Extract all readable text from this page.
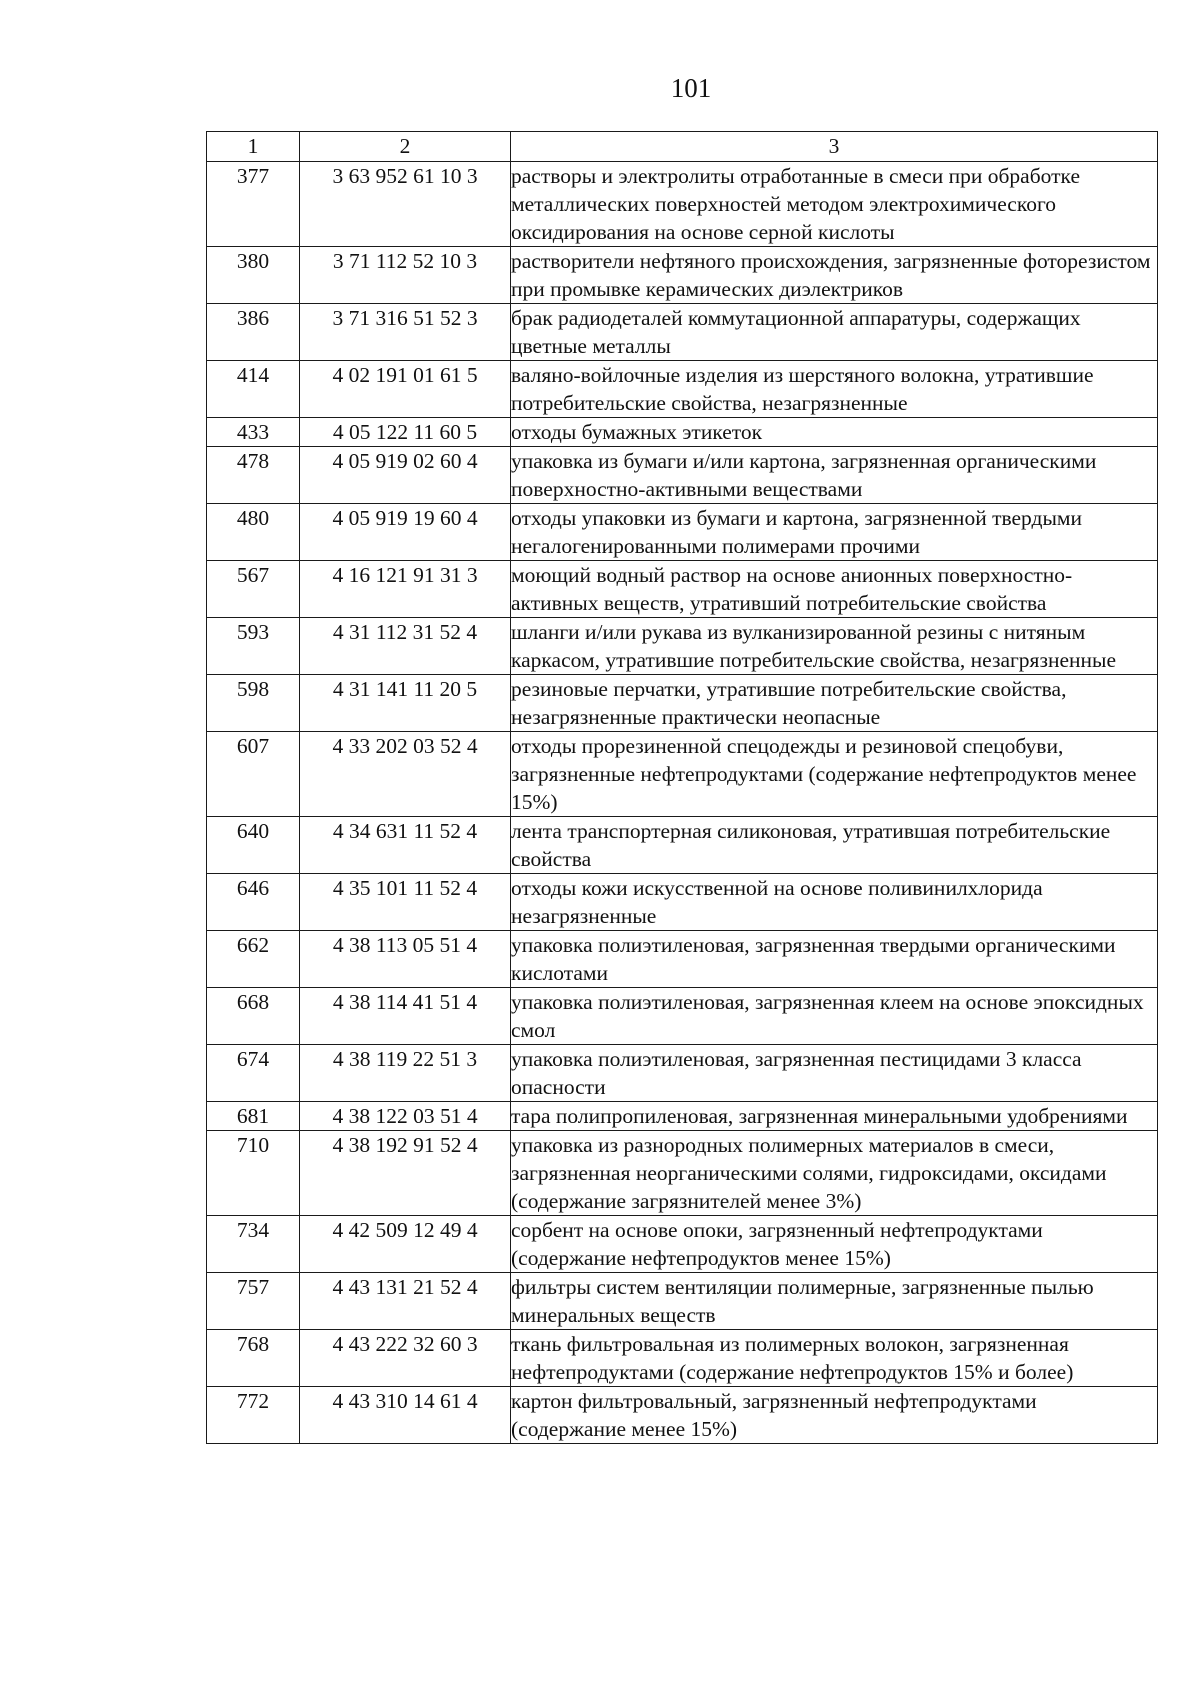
101
1	2	3
377	3 63 952 61 10 3	растворы и электролиты отработанные в смеси при обработке металлических поверхностей методом электрохимического оксидирования на основе серной кислоты
380	3 71 112 52 10 3	растворители нефтяного происхождения, загрязненные фоторезистом при промывке керамических диэлектриков
386	3 71 316 51 52 3	брак радиодеталей коммутационной аппаратуры, содержащих цветные металлы
414	4 02 191 01 61 5	валяно-войлочные изделия из шерстяного волокна, утратившие потребительские свойства, незагрязненные
433	4 05 122 11 60 5	отходы бумажных этикеток
478	4 05 919 02 60 4	упаковка из бумаги и/или картона, загрязненная органическими поверхностно-активными веществами
480	4 05 919 19 60 4	отходы упаковки из бумаги и картона, загрязненной твердыми негалогенированными полимерами прочими
567	4 16 121 91 31 3	моющий водный раствор на основе анионных поверхностно-активных веществ, утративший потребительские свойства
593	4 31 112 31 52 4	шланги и/или рукава из вулканизированной резины с нитяным каркасом, утратившие потребительские свойства, незагрязненные
598	4 31 141 11 20 5	резиновые перчатки, утратившие потребительские свойства, незагрязненные практически неопасные
607	4 33 202 03 52 4	отходы прорезиненной спецодежды и резиновой спецобуви, загрязненные нефтепродуктами (содержание нефтепродуктов менее 15%)
640	4 34 631 11 52 4	лента транспортерная силиконовая, утратившая потребительские свойства
646	4 35 101 11 52 4	отходы кожи искусственной на основе поливинилхлорида незагрязненные
662	4 38 113 05 51 4	упаковка полиэтиленовая, загрязненная твердыми органическими кислотами
668	4 38 114 41 51 4	упаковка полиэтиленовая, загрязненная клеем на основе эпоксидных смол
674	4 38 119 22 51 3	упаковка полиэтиленовая, загрязненная пестицидами 3 класса опасности
681	4 38 122 03 51 4	тара полипропиленовая, загрязненная минеральными удобрениями
710	4 38 192 91 52 4	упаковка из разнородных полимерных материалов в смеси, загрязненная неорганическими солями, гидроксидами, оксидами (содержание загрязнителей менее 3%)
734	4 42 509 12 49 4	сорбент на основе опоки, загрязненный нефтепродуктами (содержание нефтепродуктов менее 15%)
757	4 43 131 21 52 4	фильтры систем вентиляции полимерные, загрязненные пылью минеральных веществ
768	4 43 222 32 60 3	ткань фильтровальная из полимерных волокон, загрязненная нефтепродуктами (содержание нефтепродуктов 15% и более)
772	4 43 310 14 61 4	картон фильтровальный, загрязненный нефтепродуктами (содержание менее 15%)
